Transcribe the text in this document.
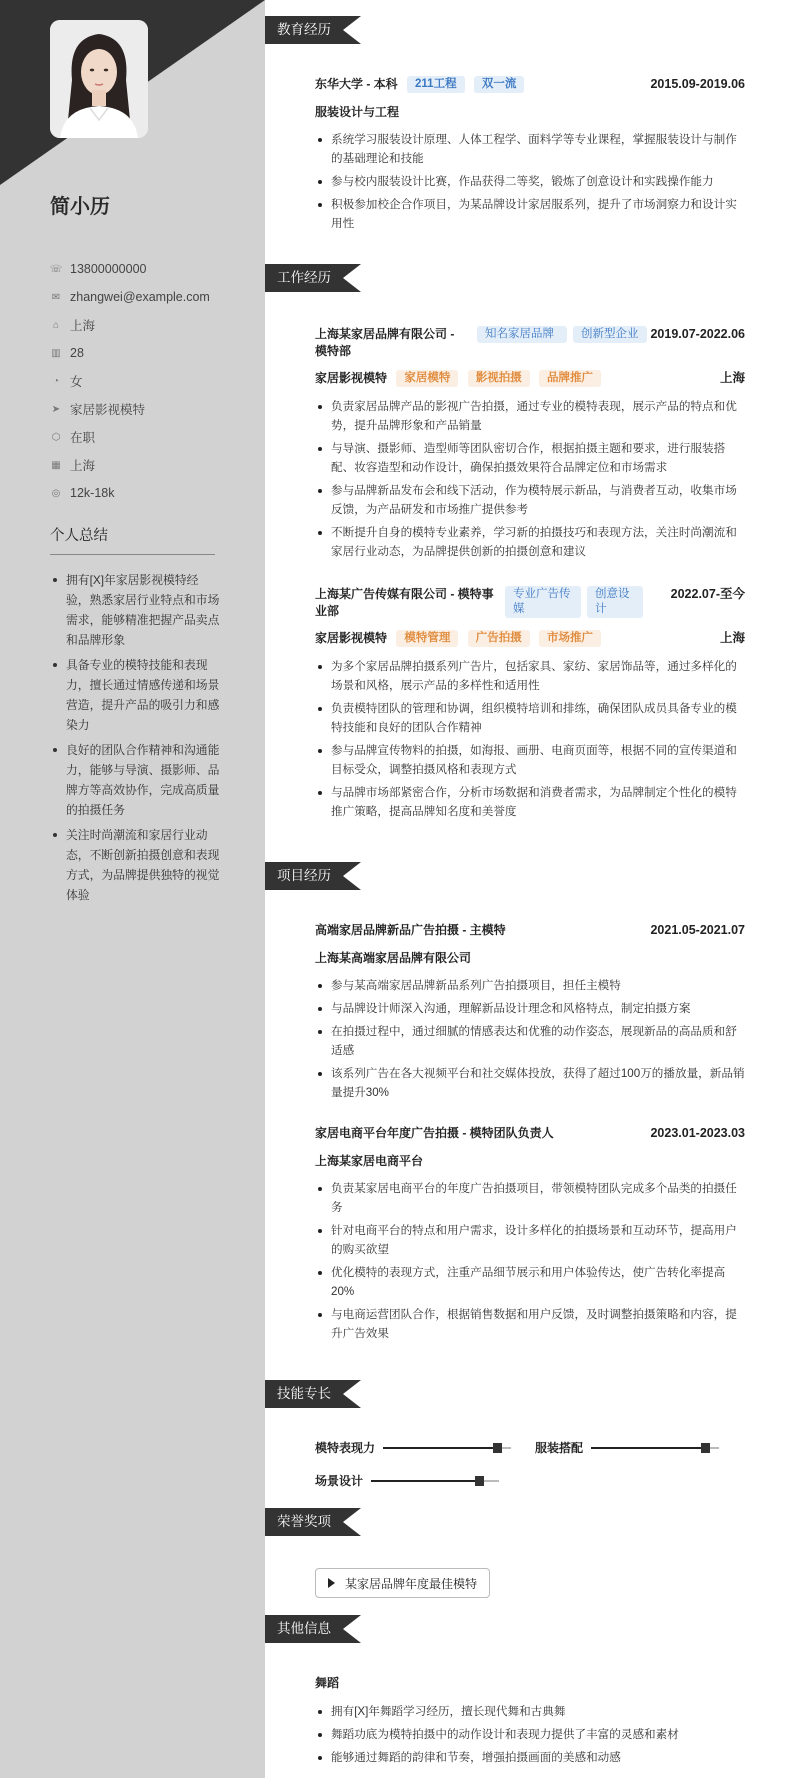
简小历
☏ 13800000000
✉ zhangwei@example.com
⌂ 上海
▥ 28
◔ 女
➤ 家居影视模特
⬡ 在职
▦ 上海
◎ 12k-18k
个人总结
拥有[X]年家居影视模特经验，熟悉家居行业特点和市场需求，能够精准把握产品卖点和品牌形象
具备专业的模特技能和表现力，擅长通过情感传递和场景营造，提升产品的吸引力和感染力
良好的团队合作精神和沟通能力，能够与导演、摄影师、品牌方等高效协作，完成高质量的拍摄任务
关注时尚潮流和家居行业动态，不断创新拍摄创意和表现方式，为品牌提供独特的视觉体验
教育经历
东华大学 - 本科 211工程 双一流	2015.09-2019.06
服装设计与工程
系统学习服装设计原理、人体工程学、面料学等专业课程，掌握服装设计与制作的基础理论和技能
参与校内服装设计比赛，作品获得二等奖，锻炼了创意设计和实践操作能力
积极参加校企合作项目，为某品牌设计家居服系列，提升了市场洞察力和设计实用性
工作经历
上海某家居品牌有限公司 - 模特部
知名家居品牌	创新型企业 2019.07-2022.06
家居影视模特 家居模特 影视拍摄 品牌推广	上海
负责家居品牌产品的影视广告拍摄，通过专业的模特表现，展示产品的特点和优势，提升品牌形象和产品销量
与导演、摄影师、造型师等团队密切合作，根据拍摄主题和要求，进行服装搭配、妆容造型和动作设计，确保拍摄效果符合品牌定位和市场需求
参与品牌新品发布会和线下活动，作为模特展示新品，与消费者互动，收集市场反馈，为产品研发和市场推广提供参考
不断提升自身的模特专业素养，学习新的拍摄技巧和表现方法，关注时尚潮流和家居行业动态，为品牌提供创新的拍摄创意和建议
上海某广告传媒有限公司 - 模特事业部
专业广告传媒
创意设计
2022.07-至今
家居影视模特 模特管理 广告拍摄 市场推广	上海
为多个家居品牌拍摄系列广告片，包括家具、家纺、家居饰品等，通过多样化的场景和风格，展示产品的多样性和适用性
负责模特团队的管理和协调，组织模特培训和排练，确保团队成员具备专业的模特技能和良好的团队合作精神
参与品牌宣传物料的拍摄，如海报、画册、电商页面等，根据不同的宣传渠道和目标受众，调整拍摄风格和表现方式
与品牌市场部紧密合作，分析市场数据和消费者需求，为品牌制定个性化的模特推广策略，提高品牌知名度和美誉度
项目经历
高端家居品牌新品广告拍摄 - 主模特	2021.05-2021.07
上海某高端家居品牌有限公司
参与某高端家居品牌新品系列广告拍摄项目，担任主模特
与品牌设计师深入沟通，理解新品设计理念和风格特点，制定拍摄方案
在拍摄过程中，通过细腻的情感表达和优雅的动作姿态，展现新品的高品质和舒适感
该系列广告在各大视频平台和社交媒体投放，获得了超过100万的播放量，新品销量提升30%
家居电商平台年度广告拍摄 - 模特团队负责人	2023.01-2023.03
上海某家居电商平台
负责某家居电商平台的年度广告拍摄项目，带领模特团队完成多个品类的拍摄任务
针对电商平台的特点和用户需求，设计多样化的拍摄场景和互动环节，提高用户的购买欲望
优化模特的表现方式，注重产品细节展示和用户体验传达，使广告转化率提高20%
与电商运营团队合作，根据销售数据和用户反馈，及时调整拍摄策略和内容，提升广告效果
技能专长
模特表现力	服装搭配
场景设计
荣誉奖项
某家居品牌年度最佳模特
其他信息
舞蹈
拥有[X]年舞蹈学习经历，擅长现代舞和古典舞
舞蹈功底为模特拍摄中的动作设计和表现力提供了丰富的灵感和素材
能够通过舞蹈的韵律和节奏，增强拍摄画面的美感和动感
